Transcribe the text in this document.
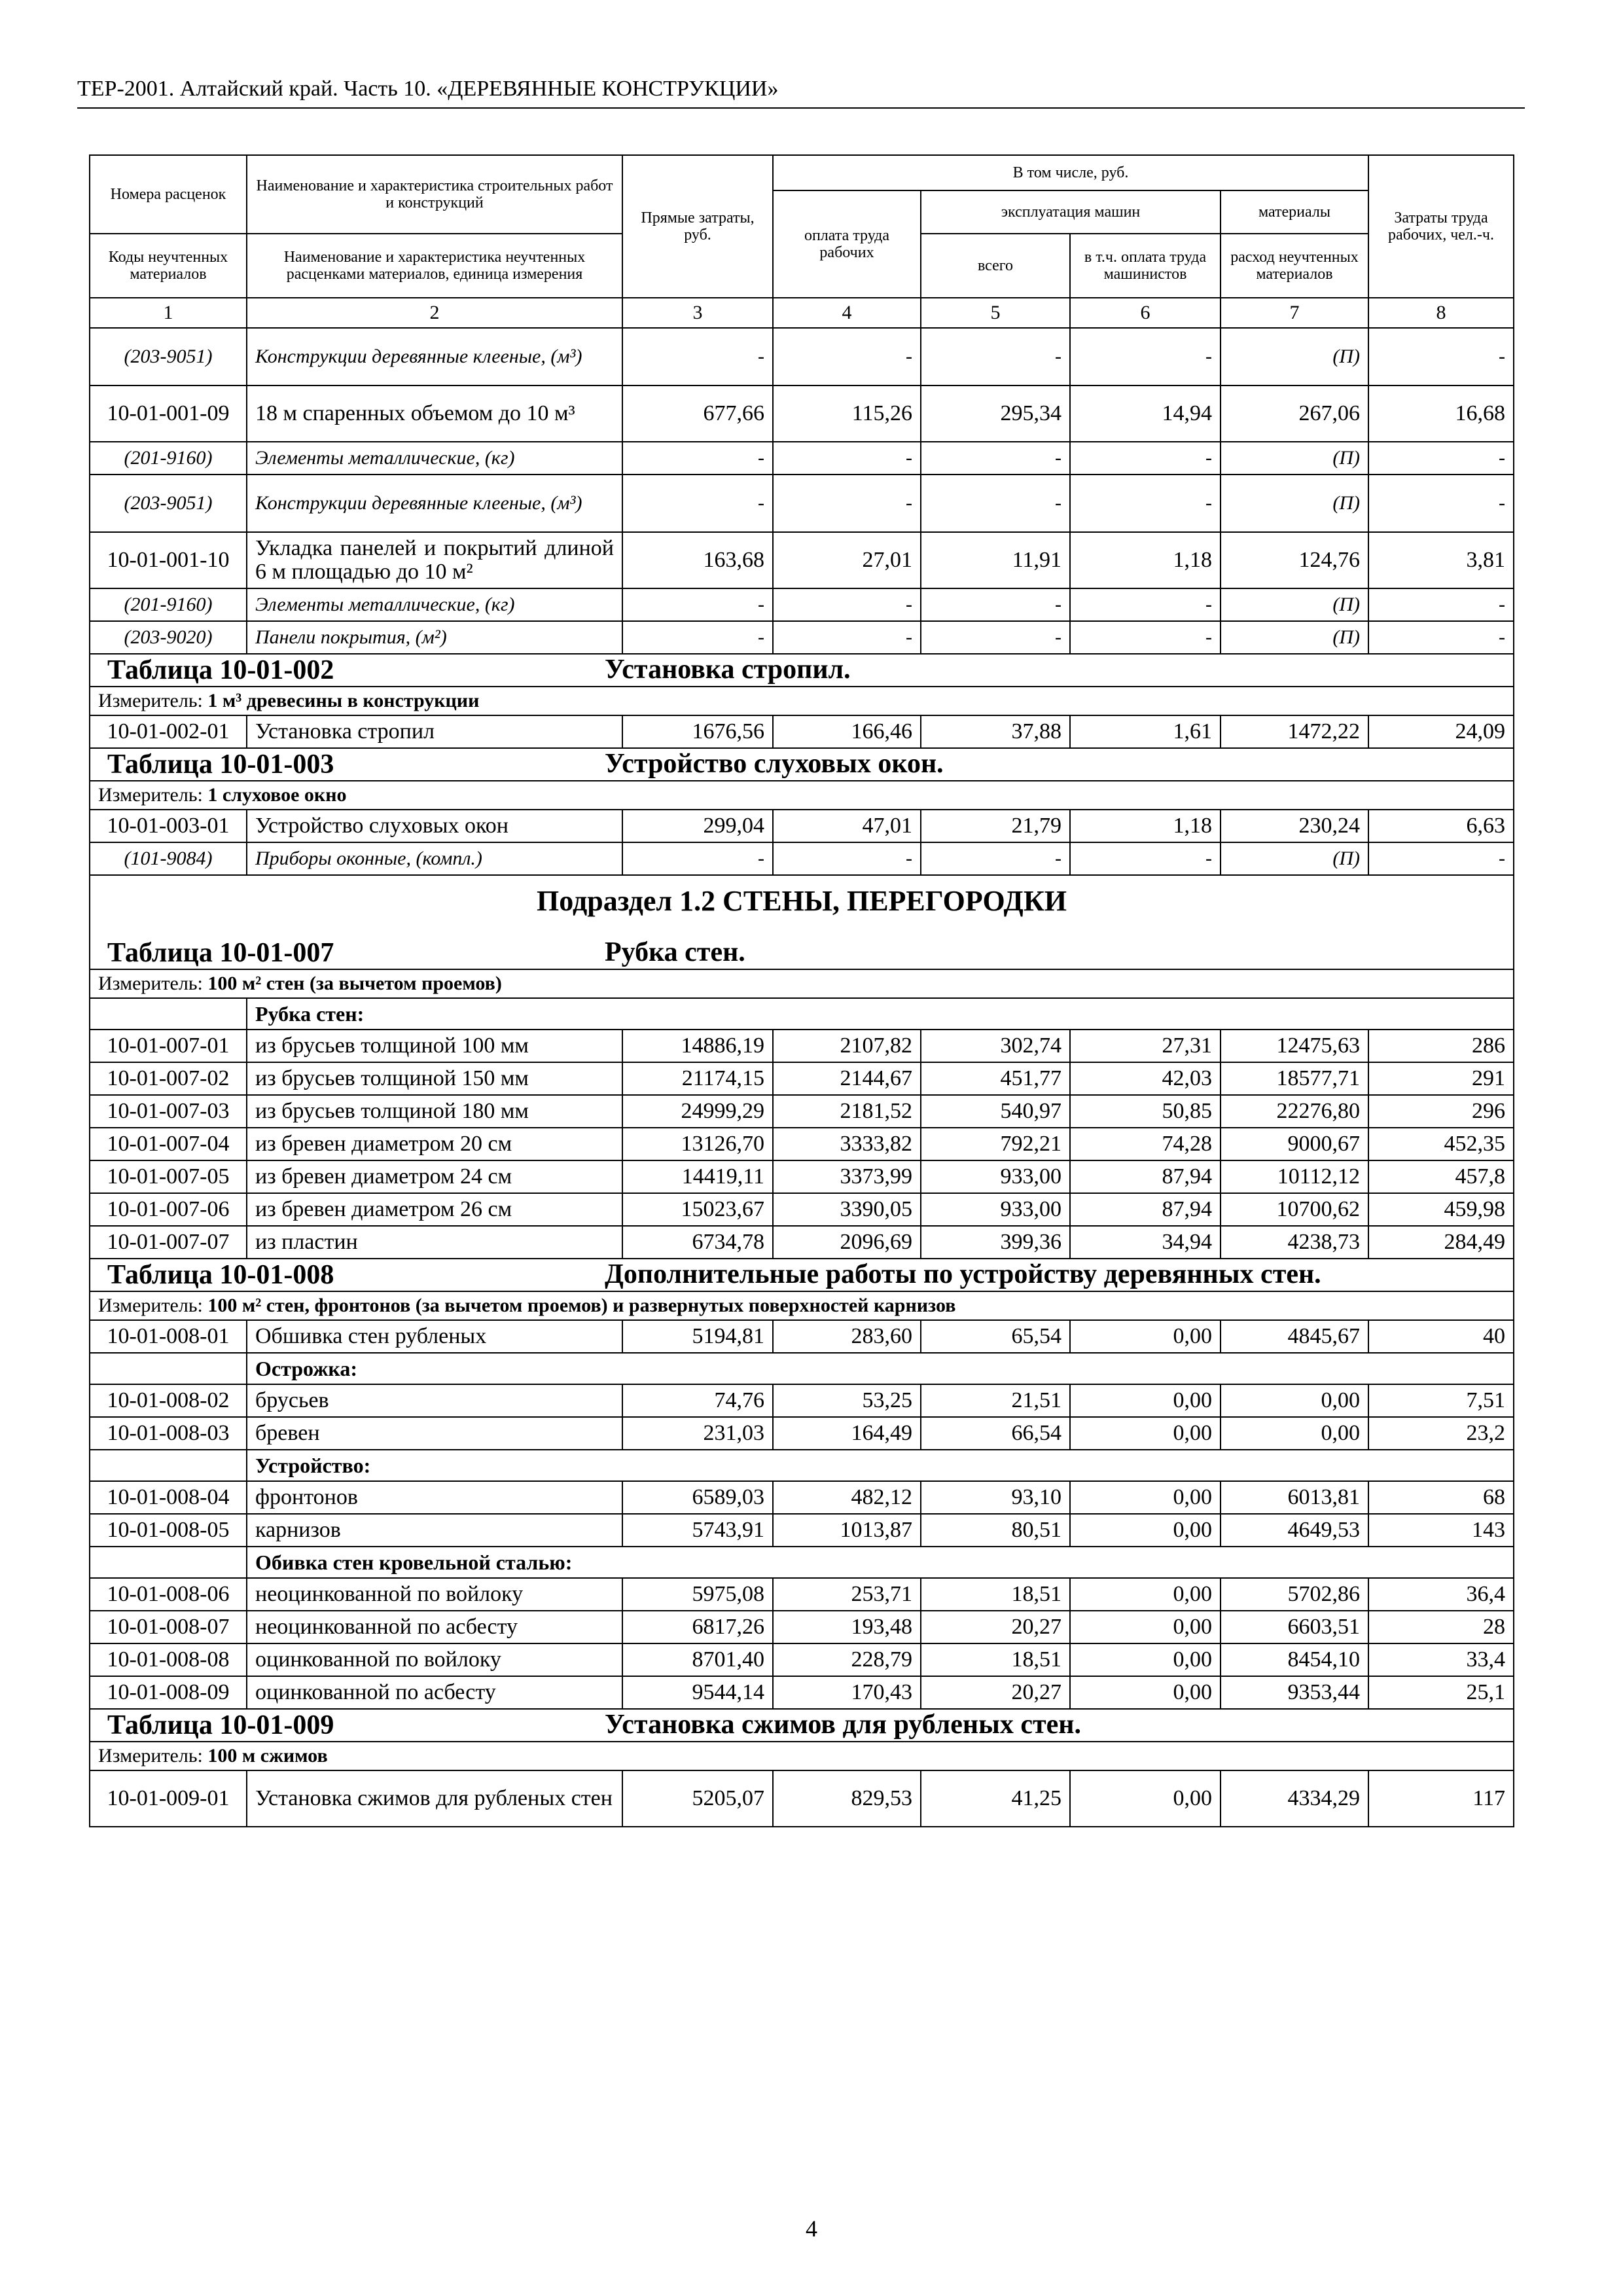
ТЕР-2001. Алтайский край. Часть 10. «ДЕРЕВЯННЫЕ КОНСТРУКЦИИ»
Номера расценок	Наименование и характеристика строительных работ и конструкций	Прямые затраты, руб.	В том числе, руб.				Затраты труда рабочих, чел.-ч.
			оплата труда рабочих	эксплуатация машин		материалы	
Коды неучтенных материалов	Наименование и характеристика неучтенных расценками материалов, единица измерения			всего	в т.ч. оплата труда машинистов	расход неучтенных материалов	

1	2	3	4	5	6	7	8
(203-9051)	Конструкции деревянные клееные, (м³)	-	-	-	-	(П)	-
10-01-001-09	18 м спаренных объемом до 10 м³	677,66	115,26	295,34	14,94	267,06	16,68
(201-9160)	Элементы металлические, (кг)	-	-	-	-	(П)	-
(203-9051)	Конструкции деревянные клееные, (м³)	-	-	-	-	(П)	-
10-01-001-10	Укладка панелей и покрытий длиной 6 м площадью до 10 м²	163,68	27,01	11,91	1,18	124,76	3,81
(201-9160)	Элементы металлические, (кг)	-	-	-	-	(П)	-
(203-9020)	Панели покрытия, (м²)	-	-	-	-	(П)	-
Таблица 10-01-002 Установка стропил.							
Измеритель: 1 м³ древесины в конструкции							
10-01-002-01	Установка стропил	1676,56	166,46	37,88	1,61	1472,22	24,09
Таблица 10-01-003 Устройство слуховых окон.							
Измеритель: 1 слуховое окно							
10-01-003-01	Устройство слуховых окон	299,04	47,01	21,79	1,18	230,24	6,63
(101-9084)	Приборы оконные, (компл.)	-	-	-	-	(П)	-
Подраздел 1.2 СТЕНЫ, ПЕРЕГОРОДКИ							
Таблица 10-01-007 Рубка стен.							
Измеритель: 100 м² стен (за вычетом проемов)							
	Рубка стен:						
10-01-007-01	из брусьев толщиной 100 мм	14886,19	2107,82	302,74	27,31	12475,63	286
10-01-007-02	из брусьев толщиной 150 мм	21174,15	2144,67	451,77	42,03	18577,71	291
10-01-007-03	из брусьев толщиной 180 мм	24999,29	2181,52	540,97	50,85	22276,80	296
10-01-007-04	из бревен диаметром 20 см	13126,70	3333,82	792,21	74,28	9000,67	452,35
10-01-007-05	из бревен диаметром 24 см	14419,11	3373,99	933,00	87,94	10112,12	457,8
10-01-007-06	из бревен диаметром 26 см	15023,67	3390,05	933,00	87,94	10700,62	459,98
10-01-007-07	из пластин	6734,78	2096,69	399,36	34,94	4238,73	284,49
Таблица 10-01-008 Дополнительные работы по устройству деревянных стен.							
Измеритель: 100 м² стен, фронтонов (за вычетом проемов) и развернутых поверхностей карнизов							
10-01-008-01	Обшивка стен рубленых	5194,81	283,60	65,54	0,00	4845,67	40
	Острожка:						
10-01-008-02	брусьев	74,76	53,25	21,51	0,00	0,00	7,51
10-01-008-03	бревен	231,03	164,49	66,54	0,00	0,00	23,2
	Устройство:						
10-01-008-04	фронтонов	6589,03	482,12	93,10	0,00	6013,81	68
10-01-008-05	карнизов	5743,91	1013,87	80,51	0,00	4649,53	143
	Обивка стен кровельной сталью:						
10-01-008-06	неоцинкованной по войлоку	5975,08	253,71	18,51	0,00	5702,86	36,4
10-01-008-07	неоцинкованной по асбесту	6817,26	193,48	20,27	0,00	6603,51	28
10-01-008-08	оцинкованной по войлоку	8701,40	228,79	18,51	0,00	8454,10	33,4
10-01-008-09	оцинкованной по асбесту	9544,14	170,43	20,27	0,00	9353,44	25,1
Таблица 10-01-009 Установка сжимов для рубленых стен.							
Измеритель: 100 м сжимов							
10-01-009-01	Установка сжимов для рубленых стен	5205,07	829,53	41,25	0,00	4334,29	117
4
